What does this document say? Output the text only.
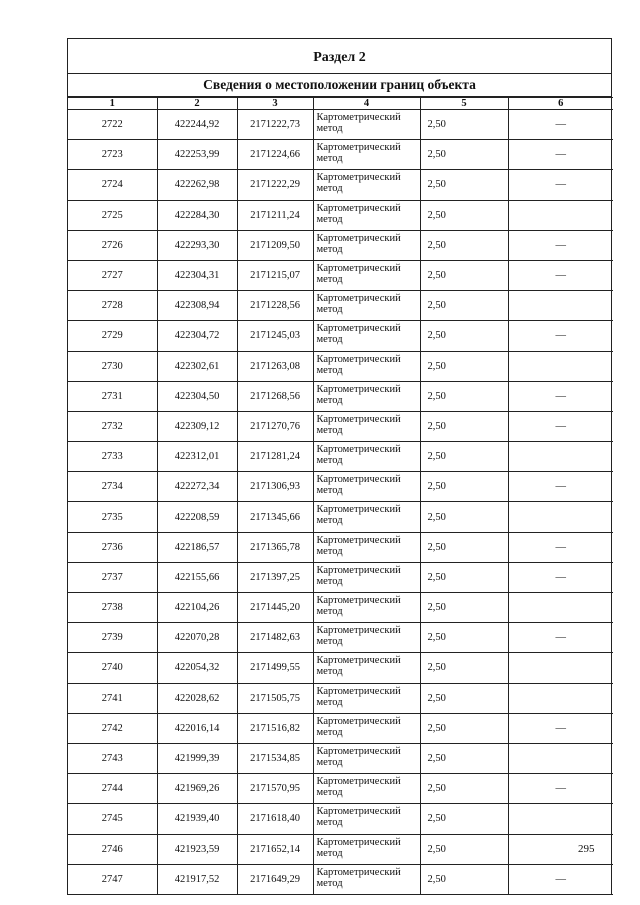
Раздел 2
Сведения о местоположении границ объекта
1	2	3	4	5	6
2722	422244,92	2171222,73	Картометрический метод	2,50	—
2723	422253,99	2171224,66	Картометрический метод	2,50	—
2724	422262,98	2171222,29	Картометрический метод	2,50	—
2725	422284,30	2171211,24	Картометрический метод	2,50	
2726	422293,30	2171209,50	Картометрический метод	2,50	—
2727	422304,31	2171215,07	Картометрический метод	2,50	—
2728	422308,94	2171228,56	Картометрический метод	2,50	
2729	422304,72	2171245,03	Картометрический метод	2,50	—
2730	422302,61	2171263,08	Картометрический метод	2,50	
2731	422304,50	2171268,56	Картометрический метод	2,50	—
2732	422309,12	2171270,76	Картометрический метод	2,50	—
2733	422312,01	2171281,24	Картометрический метод	2,50	
2734	422272,34	2171306,93	Картометрический метод	2,50	—
2735	422208,59	2171345,66	Картометрический метод	2,50	
2736	422186,57	2171365,78	Картометрический метод	2,50	—
2737	422155,66	2171397,25	Картометрический метод	2,50	—
2738	422104,26	2171445,20	Картометрический метод	2,50	
2739	422070,28	2171482,63	Картометрический метод	2,50	—
2740	422054,32	2171499,55	Картометрический метод	2,50	
2741	422028,62	2171505,75	Картометрический метод	2,50	
2742	422016,14	2171516,82	Картометрический метод	2,50	—
2743	421999,39	2171534,85	Картометрический метод	2,50	
2744	421969,26	2171570,95	Картометрический метод	2,50	—
2745	421939,40	2171618,40	Картометрический метод	2,50	
2746	421923,59	2171652,14	Картометрический метод	2,50	
2747	421917,52	2171649,29	Картометрический метод	2,50	—
295
